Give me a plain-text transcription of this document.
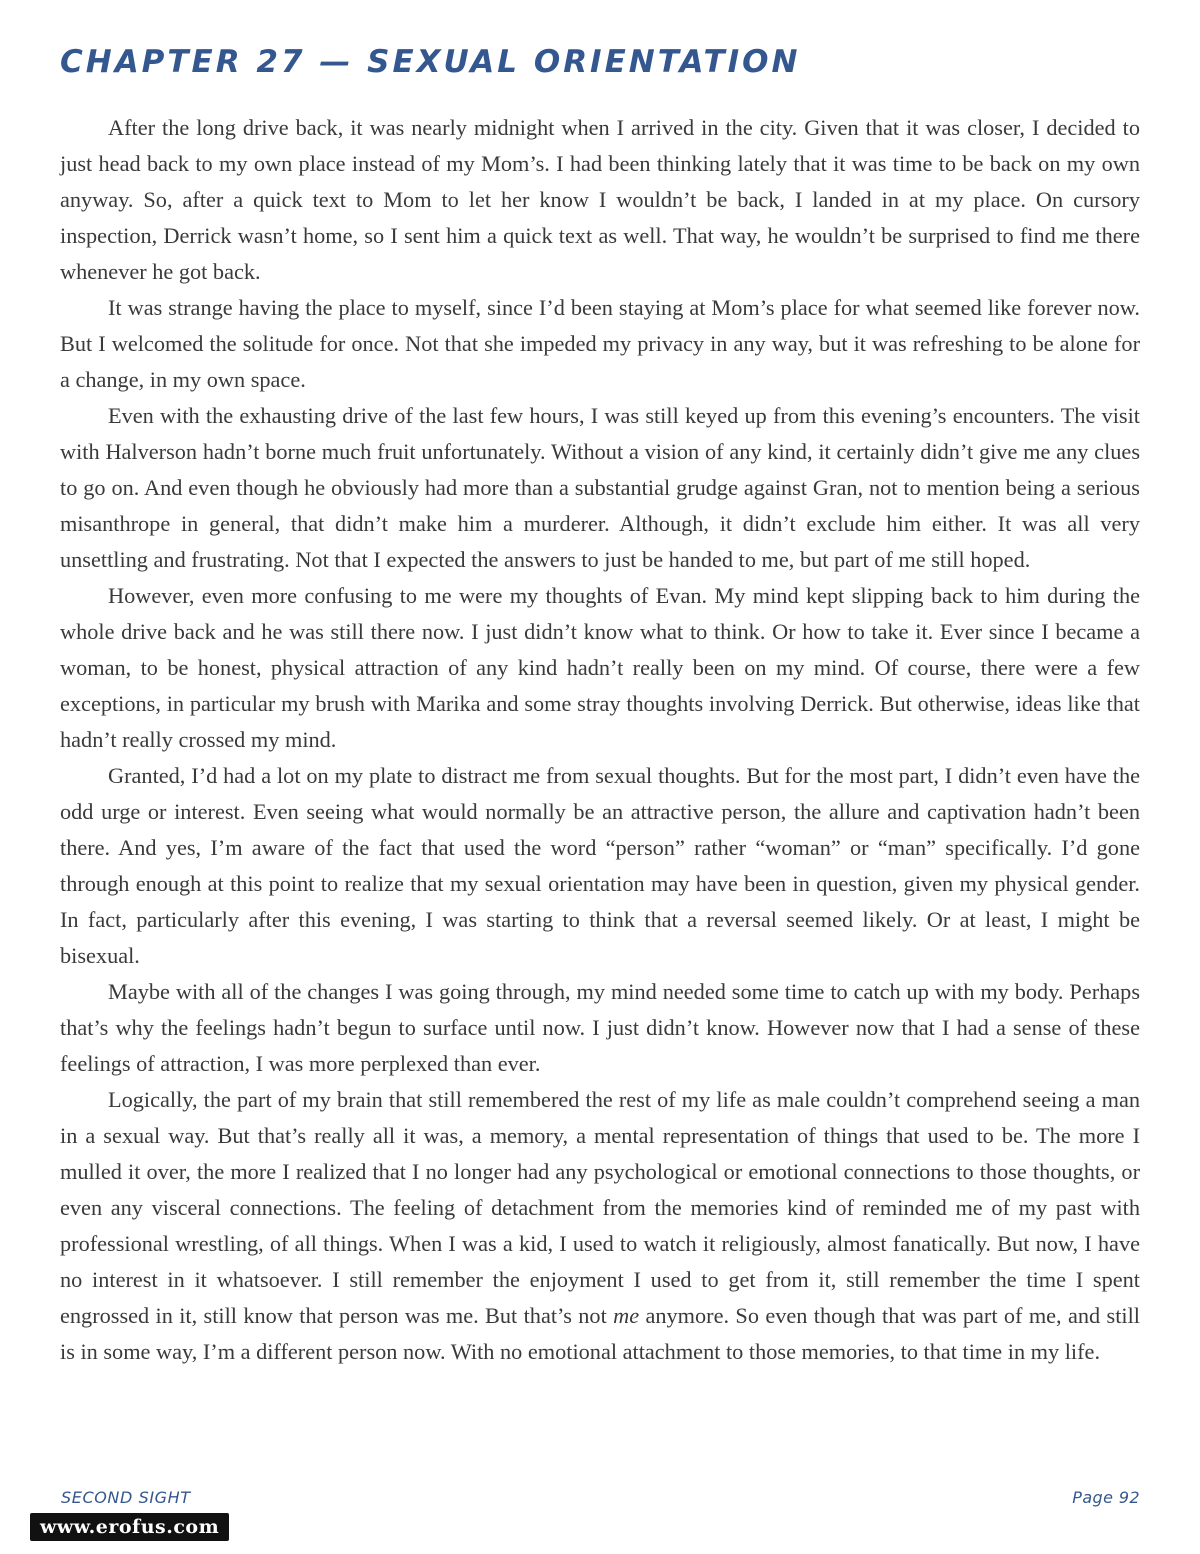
CHAPTER 27 — SEXUAL ORIENTATION

After the long drive back, it was nearly midnight when I arrived in the city. Given that it was closer, I decided to just head back to my own place instead of my Mom’s. I had been thinking lately that it was time to be back on my own anyway. So, after a quick text to Mom to let her know I wouldn’t be back, I landed in at my place. On cursory inspection, Derrick wasn’t home, so I sent him a quick text as well. That way, he wouldn’t be surprised to find me there whenever he got back.

It was strange having the place to myself, since I’d been staying at Mom’s place for what seemed like forever now. But I welcomed the solitude for once. Not that she impeded my privacy in any way, but it was refreshing to be alone for a change, in my own space.

Even with the exhausting drive of the last few hours, I was still keyed up from this evening’s encounters. The visit with Halverson hadn’t borne much fruit unfortunately. Without a vision of any kind, it certainly didn’t give me any clues to go on. And even though he obviously had more than a substantial grudge against Gran, not to mention being a serious misanthrope in general, that didn’t make him a murderer. Although, it didn’t exclude him either. It was all very unsettling and frustrating. Not that I expected the answers to just be handed to me, but part of me still hoped.

However, even more confusing to me were my thoughts of Evan. My mind kept slipping back to him during the whole drive back and he was still there now. I just didn’t know what to think. Or how to take it. Ever since I became a woman, to be honest, physical attraction of any kind hadn’t really been on my mind. Of course, there were a few exceptions, in particular my brush with Marika and some stray thoughts involving Derrick. But otherwise, ideas like that hadn’t really crossed my mind.

Granted, I’d had a lot on my plate to distract me from sexual thoughts. But for the most part, I didn’t even have the odd urge or interest. Even seeing what would normally be an attractive person, the allure and captivation hadn’t been there. And yes, I’m aware of the fact that used the word “person” rather “woman” or “man” specifically. I’d gone through enough at this point to realize that my sexual orientation may have been in question, given my physical gender. In fact, particularly after this evening, I was starting to think that a reversal seemed likely. Or at least, I might be bisexual.

Maybe with all of the changes I was going through, my mind needed some time to catch up with my body. Perhaps that’s why the feelings hadn’t begun to surface until now. I just didn’t know. However now that I had a sense of these feelings of attraction, I was more perplexed than ever.

Logically, the part of my brain that still remembered the rest of my life as male couldn’t comprehend seeing a man in a sexual way. But that’s really all it was, a memory, a mental representation of things that used to be. The more I mulled it over, the more I realized that I no longer had any psychological or emotional connections to those thoughts, or even any visceral connections. The feeling of detachment from the memories kind of reminded me of my past with professional wrestling, of all things. When I was a kid, I used to watch it religiously, almost fanatically. But now, I have no interest in it whatsoever. I still remember the enjoyment I used to get from it, still remember the time I spent engrossed in it, still know that person was me. But that’s not me anymore. So even though that was part of me, and still is in some way, I’m a different person now. With no emotional attachment to those memories, to that time in my life.

SECOND SIGHT	Page 92
www.erofus.com
